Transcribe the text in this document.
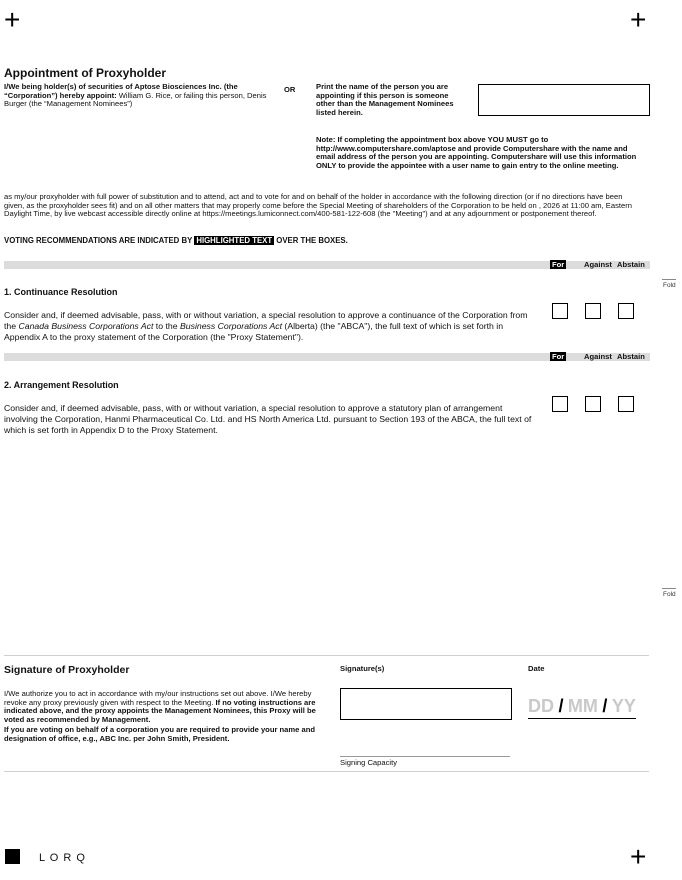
+	+
+
Appointment of Proxyholder
I/We being holder(s) of securities of Aptose Biosciences Inc. (the “Corporation”) hereby appoint: William G. Rice, or failing this person, Denis Burger (the “Management Nominees”)
OR	Print the name of the person you are appointing if this person is someone other than the Management Nominees listed herein.
Note: If completing the appointment box above YOU MUST go to http://www.computershare.com/aptose and provide Computershare with the name and email address of the person you are appointing. Computershare will use this information ONLY to provide the appointee with a user name to gain entry to the online meeting.
as my/our proxyholder with full power of substitution and to attend, act and to vote for and on behalf of the holder in accordance with the following direction (or if no directions have been given, as the proxyholder sees fit) and on all other matters that may properly come before the Special Meeting of shareholders of the Corporation to be held on , 2026 at 11:00 am, Eastern Daylight Time, by live webcast accessible directly online at https://meetings.lumiconnect.com/400-581-122-608 (the "Meeting") and at any adjournment or postponement thereof.
VOTING RECOMMENDATIONS ARE INDICATED BY HIGHLIGHTED TEXT OVER THE BOXES.
For	Against Abstain
1. Continuance Resolution
Consider and, if deemed advisable, pass, with or without variation, a special resolution to approve a continuance of the Corporation from the Canada Business Corporations Act to the Business Corporations Act (Alberta) (the "ABCA"), the full text of which is set forth in Appendix A to the proxy statement of the Corporation (the "Proxy Statement").
For	Against Abstain
2. Arrangement Resolution
Consider and, if deemed advisable, pass, with or without variation, a special resolution to approve a statutory plan of arrangement involving the Corporation, Hanmi Pharmaceutical Co. Ltd. and HS North America Ltd. pursuant to Section 193 of the ABCA, the full text of which is set forth in Appendix D to the Proxy Statement.
Fold
Fold
Signature of Proxyholder
I/We authorize you to act in accordance with my/our instructions set out above. I/We hereby revoke any proxy previously given with respect to the Meeting. If no voting instructions are indicated above, and the proxy appoints the Management Nominees, this Proxy will be voted as recommended by Management.
If you are voting on behalf of a corporation you are required to provide your name and designation of office, e.g., ABC Inc. per John Smith, President.
Signature(s)	Date
DD / MM / YY
Signing Capacity
L O R Q
